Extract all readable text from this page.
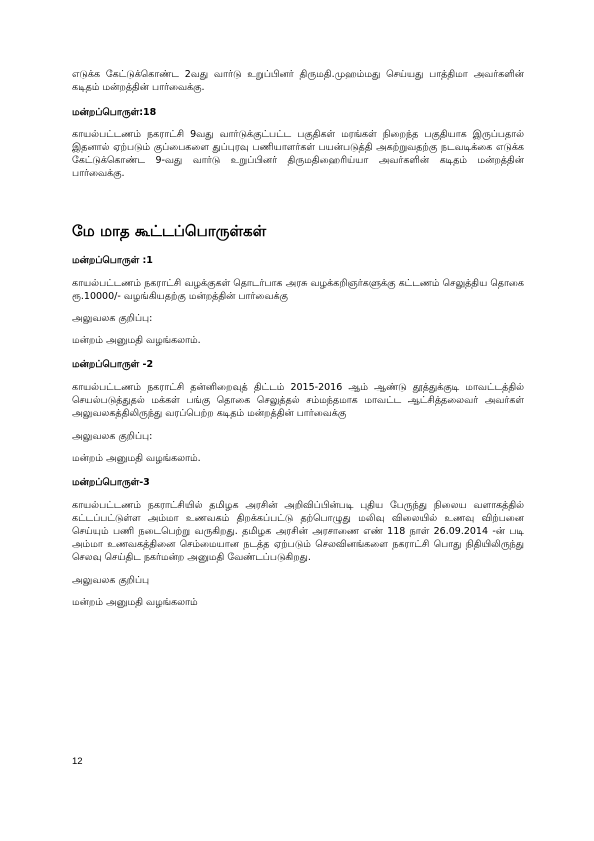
எடுக்க கேட்டுக்கொண்ட 2வது வார்டு உறுப்பினர் திருமதி.முஹம்மது செய்யது பாத்திமா அவர்களின் கடிதம் மன்றத்தின் பார்வைக்கு.

மன்றப்பொருள்:18

காயல்பட்டணம் நகராட்சி 9வது வார்டுக்குட்பட்ட பகுதிகள் மரங்கள் நிறைந்த பகுதியாக இருப்பதால் இதனால் ஏற்படும் குப்பைகளை துப்புரவு பணியாளர்கள் பயன்படுத்தி அகற்றுவதற்கு நடவடிக்கை எடுக்க கேட்டுக்கொண்ட 9-வது வார்டு உறுப்பினர் திருமதிஹைரிய்யா அவர்களின் கடிதம் மன்றத்தின் பார்வைக்கு.

மே மாத கூட்டப்பொருள்கள்

மன்றப்பொருள் :1

காயல்பட்டணம் நகராட்சி வழக்குகள் தொடர்பாக அரசு வழக்கறிஞர்களுக்கு கட்டணம் செலுத்திய தொகை ரூ.10000/- வழங்கியதற்கு மன்றத்தின் பார்வைக்கு

அலுவலக குறிப்பு:

மன்றம் அனுமதி வழங்கலாம்.

மன்றப்பொருள் -2

காயல்பட்டணம் நகராட்சி தன்னிறைவுத் திட்டம் 2015-2016 ஆம் ஆண்டு தூத்துக்குடி மாவட்டத்தில் செயல்படுத்துதல் மக்கள் பங்கு தொகை செலுத்தல் சம்மந்தமாக மாவட்ட ஆட்சித்தலைவர் அவர்கள் அலுவலகத்திலிருந்து வரப்பெற்ற கடிதம் மன்றத்தின் பார்வைக்கு

அலுவலக குறிப்பு:

மன்றம் அனுமதி வழங்கலாம்.

மன்றப்பொருள்-3

காயல்பட்டணம் நகராட்சியில் தமிழக அரசின் அறிவிப்பின்படி புதிய பேருந்து நிலைய வளாகத்தில் கட்டப்பட்டுள்ள அம்மா உணவகம் திறக்கப்பட்டு தற்பொழுது மலிவு விலையில் உணவு விற்பனை செய்யும் பணி நடைபெற்று வருகிறது. தமிழக அரசின் அரசாணை எண் 118 நாள் 26.09.2014 -ன் படி அம்மா உணவகத்தினை செம்மையான நடத்த ஏற்படும் செலவினங்களை நகராட்சி பொது நிதியிலிருந்து செலவு செய்திட நகர்மன்ற அனுமதி வேண்டப்படுகிறது.

அலுவலக குறிப்பு

மன்றம் அனுமதி வழங்கலாம்

12
